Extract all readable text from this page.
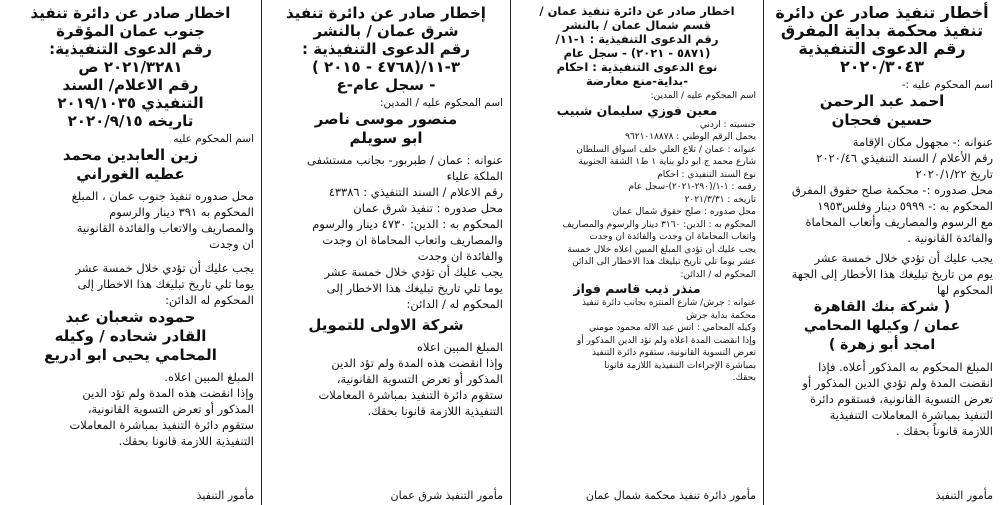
أخطار تنفيذ صادر عن دائرة
تنفيذ محكمة بداية المفرق
رقم الدعوى التنفيذية
٢٠٢٠/٣٠٤٣
اسم المحكوم عليه :-
احمد عبد الرحمن
حسين فحجان
عنوانه :- مجهول مكان الإقامة
رقم الأعلام / السند التنفيذي ٢٠٢٠/٤٦
تاريخ ٢٠٢٠/١/٢٢
محل صدوره :- محكمة صلح حقوق المفرق
المحكوم به :- ٥٩٩٩ دينار وفلس١٩٥٣
مع الرسوم والمصاريف وأتعاب المحاماة
والفائدة القانونية .
يجب عليك أن تؤدي خلال خمسة عشر
يوم من تاريخ تبليغك هذا الأخطار إلى الجهة
المحكوم لها
( شركة بنك القاهرة
عمان / وكيلها المحامي
امجد أبو زهرة )
المبلغ المحكوم به المذكور أعلاه. فإذا
انقضت المدة ولم تؤدي الدين المذكور أو
تعرض التسوية القانونية، فستقوم دائرة
التنفيذ بمباشرة المعاملات التنفيذية
اللازمة قانوناً بحقك .
مأمور التنفيذ
اخطار صادر عن دائرة تنفيذ عمان /
قسم شمال عمان / بالنشر
رقم الدعوى التنفيذية : ١-١١/
(٥٨٧١ - ٢٠٢١) - سجل عام
نوع الدعوى التنفيذية : احكام
-بداية-منع معارضة
اسم المحكوم عليه / المدين:
معين فوزي سليمان شبيب
جنسيته : اردني
يحمل الرقم الوطني : ٩٦٢١٠١٨٨٧٨
عنوانه : عمان / تلاع العلي خلف اسواق السلطان
شارع محمد ج ابو دلو بناية ١ ط١ الشقة الجنوبية
نوع السند التنفيذي : احكام
رقمه : ١-١/(٢٩٠-٢٠٢١)-سجل عام
تاريخه : ٢٠٢١/٣/٣١
محل صدوره : صلح حقوق شمال عمان
المحكوم به : الدين: ٣١٦٠ دينار والرسوم والمصاريف
واتعاب المحاماة ان وجدت والفائدة ان وجدت
يجب عليك أن تؤدي المبلغ المبين اعلاه خلال خمسة
عشر يوما تلي تاريخ تبليغك هذا الاخطار الى الدائن
المحكوم له / الدائن:
منذر ذيب قاسم فواز
عنوانه : جرش/ شارع المنتزه بجانب دائرة تنفيذ
محكمة بداية جرش
وكيله المحامي : انس عبد الاله محمود مومني
وإذا انقضت المدة اعلاه ولم تؤد الدين المذكور أو
تعرض التسوية القانونية، ستقوم دائرة التنفيذ
بمباشرة الإجراءات التنفيذية اللازمة قانونا
بحقك.
مأمور دائرة تنفيذ محكمة شمال عمان
إخطار صادر عن دائرة تنفيذ
شرق عمان / بالنشر
رقم الدعوى التنفيذية :
٣-١١/(٤٧٦٨ - ٢٠١٥ )
- سجل عام-ع
اسم المحكوم عليه / المدين:
منصور موسى ناصر
ابو سويلم
عنوانه : عمان / طبربور- بجانب مستشفى
الملكة علياء
رقم الاعلام / السند التنفيذي : ٤٣٣٨٦
محل صدوره : تنفيذ شرق عمان
المحكوم به : الدين: ٤٧٣٠ دينار والرسوم
والمصاريف واتعاب المحاماة ان وجدت
والفائدة ان وجدت
يجب عليك أن تؤدي خلال خمسة عشر
يوما تلي تاريخ تبليغك هذا الاخطار إلى
المحكوم له / الدائن:
شركة الاولى للتمويل
المبلغ المبين اعلاه
وإذا انقضت هذه المدة ولم تؤد الدين
المذكور أو تعرض التسوية القانونية،
ستقوم دائرة التنفيذ بمباشرة المعاملات
التنفيذية اللازمة قانونا بحقك.
مأمور التنفيذ شرق عمان
اخطار صادر عن دائرة تنفيذ
جنوب عمان المؤقرة
رقم الدعوى التنفيذية:
٢٠٢١/٣٢٨١ ص
رقم الاعلام/ السند
التنفيذي ٢٠١٩/١٠٣٥
تاريخه ٢٠٢٠/٩/١٥
اسم المحكوم عليه
زين العابدين محمد
عطيه الغوراني
محل صدوره تنفيذ جنوب عمان ، المبلغ
المحكوم به ٣٩١ دينار والرسوم
والمصاريف والاتعاب والفائدة القانونية
ان وجدت
يجب عليك أن تؤدي خلال خمسة عشر
يوما تلي تاريخ تبليغك هذا الاخطار إلى
المحكوم له الدائن:
حموده شعبان عبد
القادر شحاده / وكيله
المحامي يحيى ابو ادريع
المبلغ المبين اعلاه.
وإذا انقضت هذه المدة ولم تؤد الدين
المذكور أو تعرض التسوية القانونية،
ستقوم دائرة التنفيذ بمباشرة المعاملات
التنفيذية اللازمة قانونا بحقك.
مأمور التنفيذ
